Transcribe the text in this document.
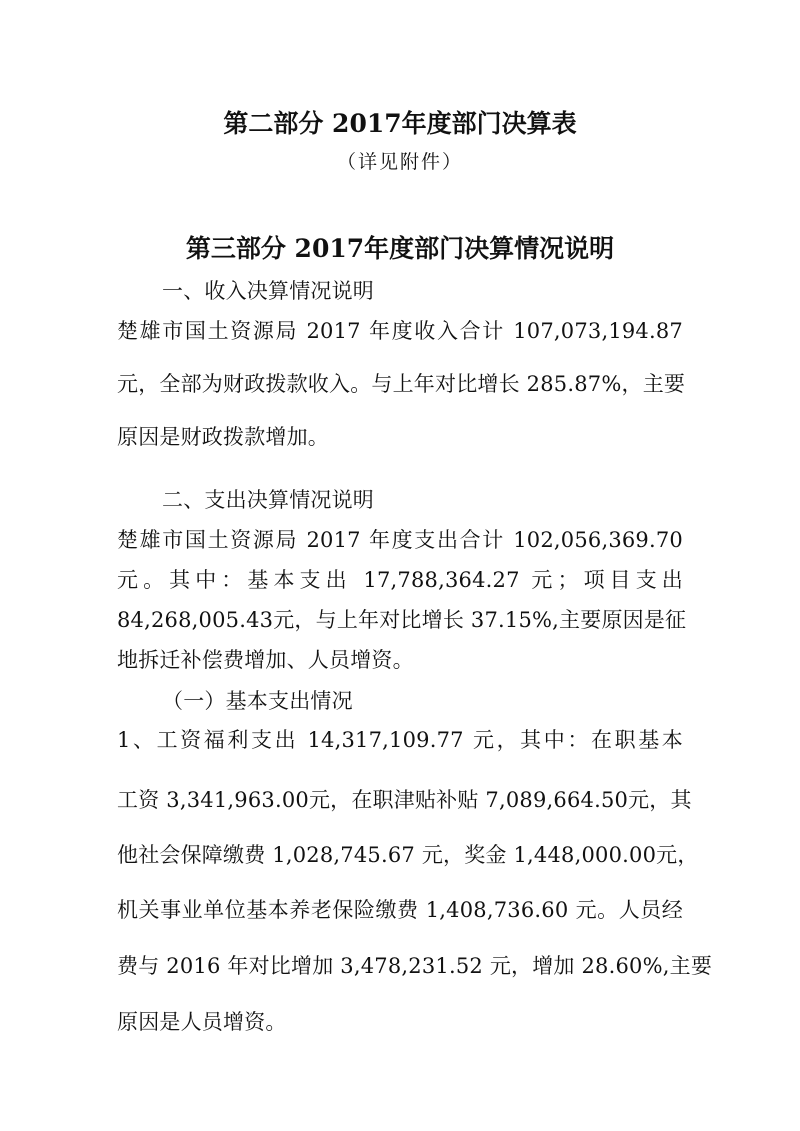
第二部分 2017年度部门决算表
（详见附件）
第三部分 2017年度部门决算情况说明
一、收入决算情况说明
楚雄市国土资源局 2017 年度收入合计 107,073,194.87
元，全部为财政拨款收入。与上年对比增长 285.87%，主要
原因是财政拨款增加。
二、支出决算情况说明
楚雄市国土资源局 2017 年度支出合计 102,056,369.70
元。其中：基本支出 17,788,364.27 元；项目支出
84,268,005.43元，与上年对比增长 37.15%,主要原因是征
地拆迁补偿费增加、人员增资。
（一）基本支出情况
1、工资福利支出 14,317,109.77 元，其中：在职基本
工资 3,341,963.00元，在职津贴补贴 7,089,664.50元，其
他社会保障缴费 1,028,745.67 元，奖金 1,448,000.00元，
机关事业单位基本养老保险缴费 1,408,736.60 元。人员经
费与 2016 年对比增加 3,478,231.52 元，增加 28.60%,主要
原因是人员增资。
